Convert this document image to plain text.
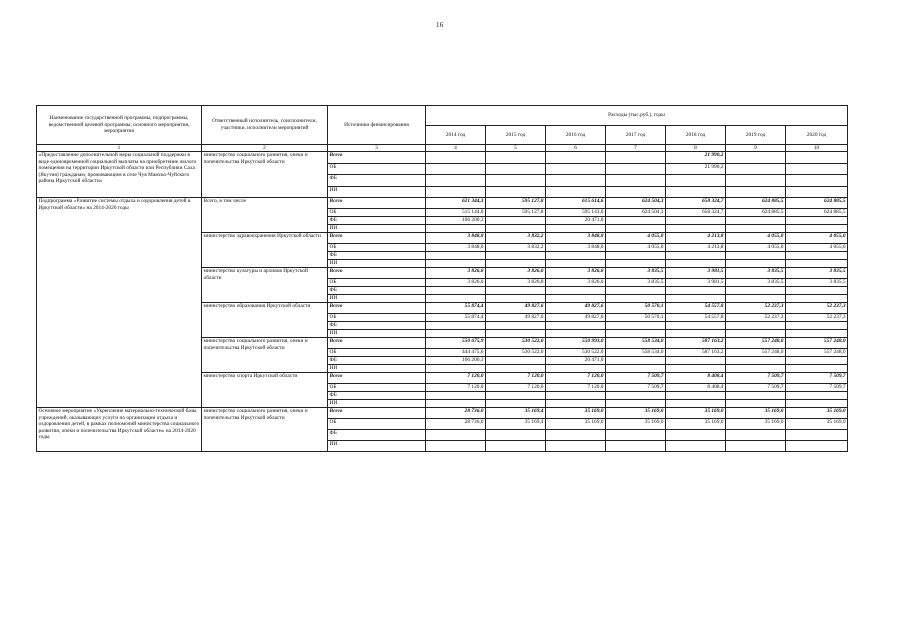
16
Наименование государственной программы, подпрограммы, ведомственной целевой программы, основного мероприятия, мероприятия	Ответственный исполнитель, соисполнители, участники, исполнители мероприятий	Источники финансирования	Расходы (тыс.руб.), годы						
			2014 год	2015 год	2016 год	2017 год	2018 год	2019 год	2020 год
1	2	3	4	5	6	7	8	9	10
«Предоставление дополнительной меры социальной поддержки в виде единовременной социальной выплаты на приобретение жилого помещения на территории Иркутской области или Республики Саха (Якутия) гражданам, проживающим в селе Чуя Мамско-Чуйского района Иркутской области»	министерство социального развития, опеки и попечительства Иркутской области	Всего					21 990,2		
		ОБ					21 990,2		
		ФБ							
		ИИ							
Подпрограмма «Развитие системы отдыха и оздоровления детей в Иркутской области» на 2014-2020 годы	Всего, в том числе	Всего	621 344,3	595 127,8	615 614,6	624 504,3	658 324,7	624 885,5	624 885,5
		ОБ	515 144,0	595 127,8	595 143,6	624 504,3	658 324,7	624 885,5	624 885,5
		ФБ	106 200,3		20 471,0				
		ИИ							
	министерство здравоохранения Иркутской области	Всего	3 848,0	3 832,2	3 848,0	4 055,0	4 213,8	4 055,0	4 055,0
		ОБ	3 848,0	3 832,2	3 848,0	4 055,0	4 213,8	4 055,0	4 055,0
		ФБ							
		ИИ							
	министерство культуры и архивов Иркутской области	Всего	3 826,0	3 826,0	3 826,0	3 835,5	3 981,5	3 835,5	3 835,5
		ОБ	3 826,0	3 826,0	3 826,0	3 835,5	3 981,5	3 835,5	3 835,5
		ФБ							
		ИИ							
	министерство образования Иркутской области	Всего	55 874,4	49 827,6	49 827,6	50 570,1	54 557,8	52 237,3	52 237,3
		ОБ	55 874,4	49 827,6	49 827,6	50 570,1	54 557,8	52 237,3	52 237,3
		ФБ							
		ИИ							
	министерство социального развития, опеки и попечительства Иркутской области	Всего	550 675,9	530 522,0	550 993,0	558 534,0	587 163,2	557 248,0	557 248,0
		ОБ	444 475,6	530 522,0	530 522,0	558 534,0	587 163,2	557 248,0	557 248,0
		ФБ	106 200,3		20 471,0				
		ИИ							
	министерство спорта Иркутской области	Всего	7 120,0	7 120,0	7 120,0	7 509,7	8 408,4	7 509,7	7 509,7
		ОБ	7 120,0	7 120,0	7 120,0	7 509,7	8 408,4	7 509,7	7 509,7
		ФБ							
		ИИ							
Основное мероприятие «Укрепление материально-технической базы учреждений, оказывающих услуги по организации отдыха и оздоровления детей, в рамках полномочий министерства социального развития, опеки и попечительства Иркутской области» на 2014-2020 годы	министерство социального развития, опеки и попечительства Иркутской области	Всего	28 736,0	35 169,4	35 169,0	35 169,0	35 169,0	35 169,0	35 169,0
		ОБ	28 736,0	35 169,4	35 169,0	35 169,0	35 169,0	35 169,0	35 169,0
		ФБ							
		ИИ							
